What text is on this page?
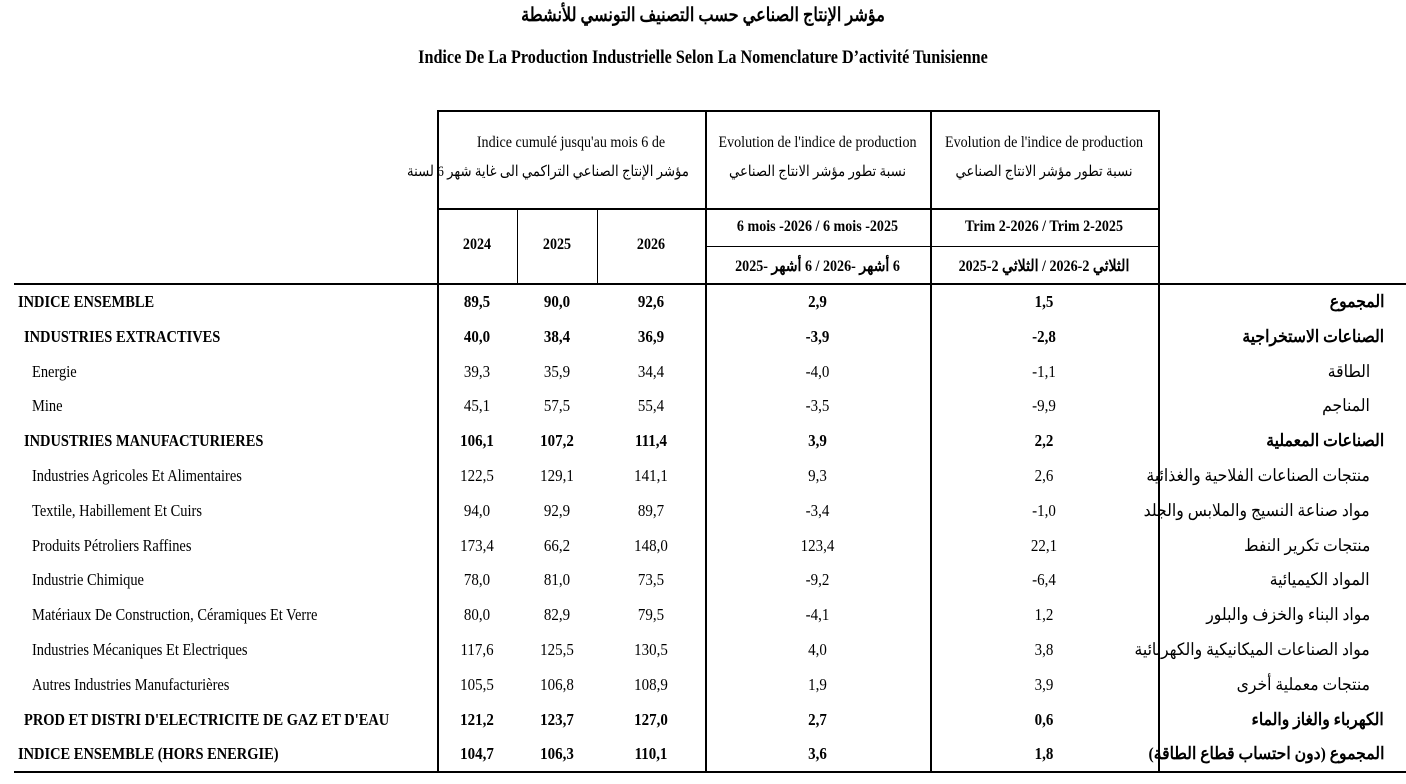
مؤشر الإنتاج الصناعي حسب التصنيف التونسي للأنشطة
Indice De La Production Industrielle Selon La Nomenclature D’activité Tunisienne
Indice cumulé jusqu'au mois 6 de
مؤشر الإنتاج الصناعي التراكمي الى غاية شهر 6 لسنة
Evolution de l'indice de production
نسبة تطور مؤشر الانتاج الصناعي
Evolution de l'indice de production
نسبة تطور مؤشر الانتاج الصناعي
2024	2025	2026
6 mois -2026 / 6 mois -2025
6 أشهر -2026 / 6 أشهر -2025
Trim 2-2026 / Trim 2-2025
الثلاثي 2-2026 / الثلاثي 2-2025
INDICE ENSEMBLE	89,5	90,0	92,6	2,9	1,5	المجموع
INDUSTRIES EXTRACTIVES	40,0	38,4	36,9	-3,9	-2,8	الصناعات الاستخراجية
Energie	39,3	35,9	34,4	-4,0	-1,1	الطاقة
Mine	45,1	57,5	55,4	-3,5	-9,9	المناجم
INDUSTRIES MANUFACTURIERES	106,1	107,2	111,4	3,9	2,2	الصناعات المعملية
Industries Agricoles Et Alimentaires	122,5	129,1	141,1	9,3	2,6	منتجات الصناعات الفلاحية والغذائية
Textile, Habillement Et Cuirs	94,0	92,9	89,7	-3,4	-1,0	مواد صناعة النسيج والملابس والجلد
Produits Pétroliers Raffines	173,4	66,2	148,0	123,4	22,1	منتجات تكرير النفط
Industrie Chimique	78,0	81,0	73,5	-9,2	-6,4	المواد الكيميائية
Matériaux De Construction, Céramiques Et Verre	80,0	82,9	79,5	-4,1	1,2	مواد البناء والخزف والبلور
Industries Mécaniques Et Electriques	117,6	125,5	130,5	4,0	3,8	مواد الصناعات الميكانيكية والكهربائية
Autres Industries Manufacturières	105,5	106,8	108,9	1,9	3,9	منتجات معملية أخرى
PROD ET DISTRI D'ELECTRICITE DE GAZ ET D'EAU	121,2	123,7	127,0	2,7	0,6	الكهرباء والغاز والماء
INDICE ENSEMBLE (HORS ENERGIE)	104,7	106,3	110,1	3,6	1,8	المجموع (دون احتساب قطاع الطاقة)
